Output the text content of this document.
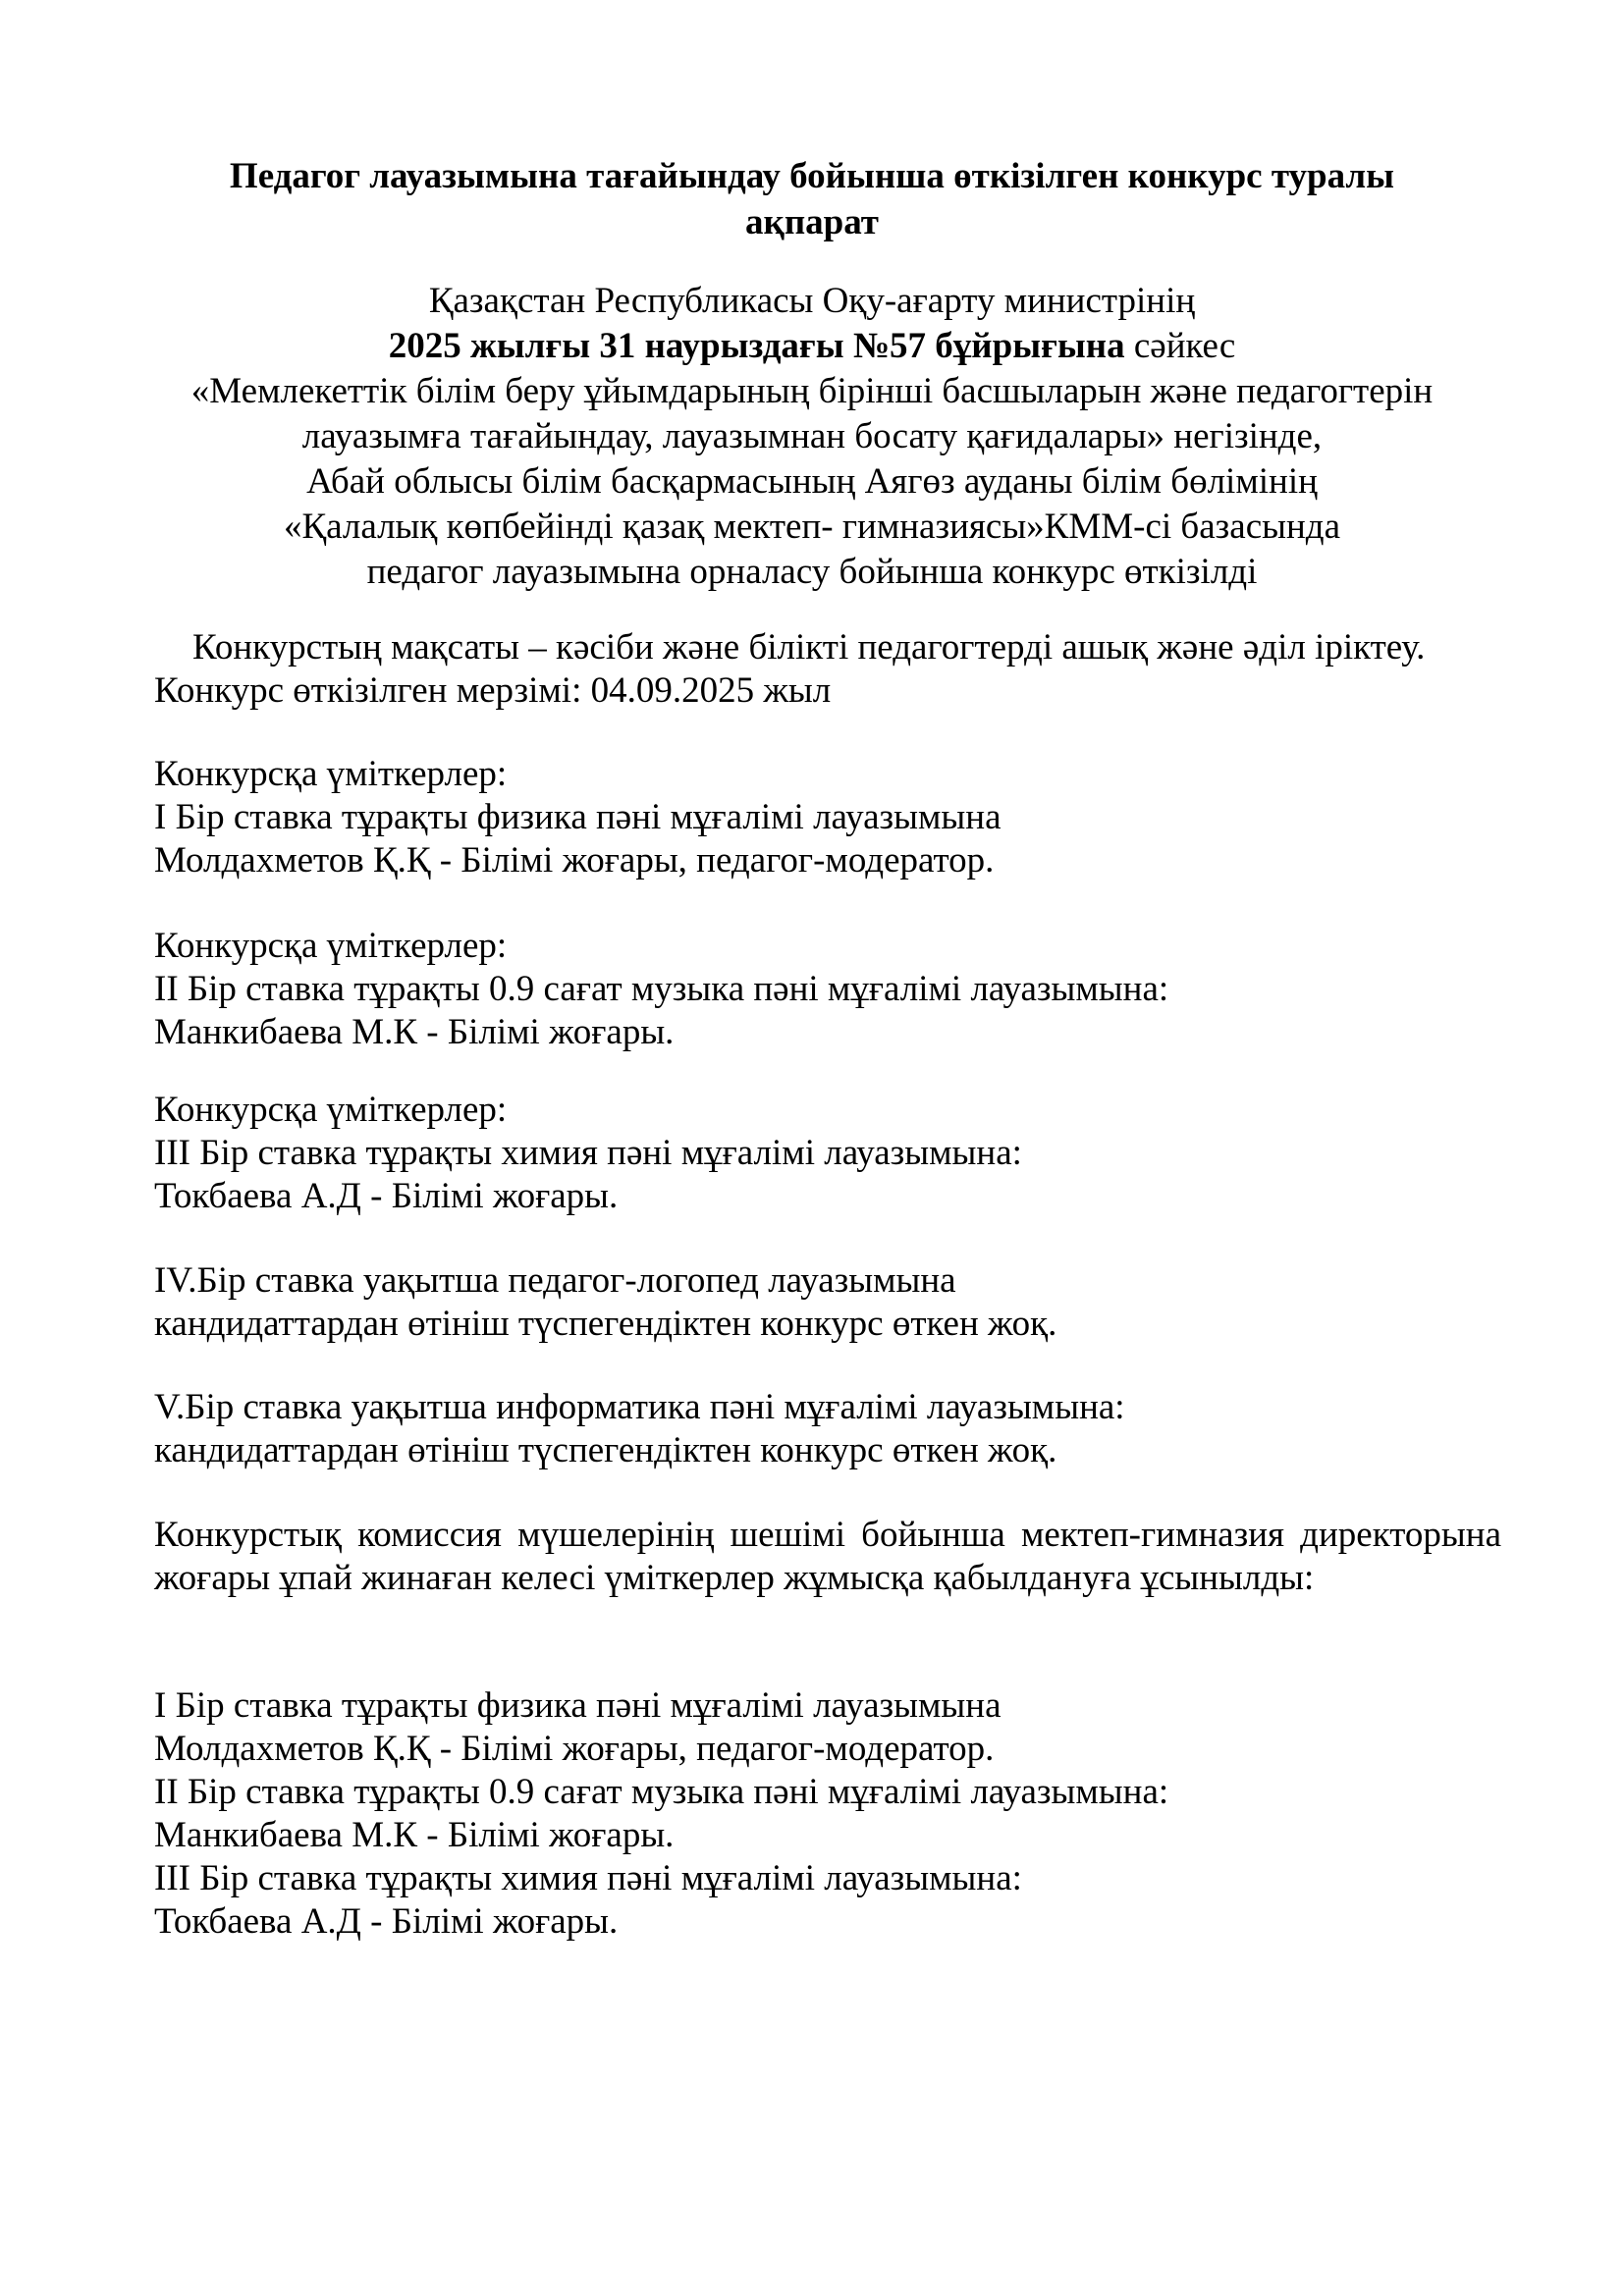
Педагог лауазымына тағайындау бойынша өткізілген конкурс туралы
ақпарат
Қазақстан Республикасы Оқу-ағарту министрінің
2025 жылғы 31 наурыздағы №57 бұйрығына сәйкес
«Мемлекеттік білім беру ұйымдарының бірінші басшыларын және педагогтерін
лауазымға тағайындау, лауазымнан босату қағидалары» негізінде,
Абай облысы білім басқармасының Аягөз ауданы білім бөлімінің
«Қалалық көпбейінді қазақ мектеп- гимназиясы»КММ-сі базасында
педагог лауазымына орналасу бойынша конкурс өткізілді
Конкурстың мақсаты – кәсіби және білікті педагогтерді ашық және әділ іріктеу.
Конкурс өткізілген мерзімі: 04.09.2025 жыл
Конкурсқа үміткерлер:
I Бір ставка тұрақты физика пәні мұғалімі лауазымына
Молдахметов Қ.Қ - Білімі жоғары, педагог-модератор.
Конкурсқа үміткерлер:
II Бір ставка тұрақты 0.9 сағат музыка пәні мұғалімі лауазымына:
Манкибаева М.К - Білімі жоғары.
Конкурсқа үміткерлер:
III Бір ставка тұрақты химия пәні мұғалімі лауазымына:
Токбаева А.Д - Білімі жоғары.
IV.Бір ставка уақытша педагог-логопед лауазымына
кандидаттардан өтініш түспегендіктен конкурс өткен жоқ.
V.Бір ставка уақытша информатика пәні мұғалімі лауазымына:
кандидаттардан өтініш түспегендіктен конкурс өткен жоқ.
Конкурстық комиссия мүшелерінің шешімі бойынша мектеп-гимназия директорына жоғары ұпай жинаған келесі үміткерлер жұмысқа қабылдануға ұсынылды:
I Бір ставка тұрақты физика пәні мұғалімі лауазымына
Молдахметов Қ.Қ - Білімі жоғары, педагог-модератор.
II Бір ставка тұрақты 0.9 сағат музыка пәні мұғалімі лауазымына:
Манкибаева М.К - Білімі жоғары.
III Бір ставка тұрақты химия пәні мұғалімі лауазымына:
Токбаева А.Д - Білімі жоғары.
